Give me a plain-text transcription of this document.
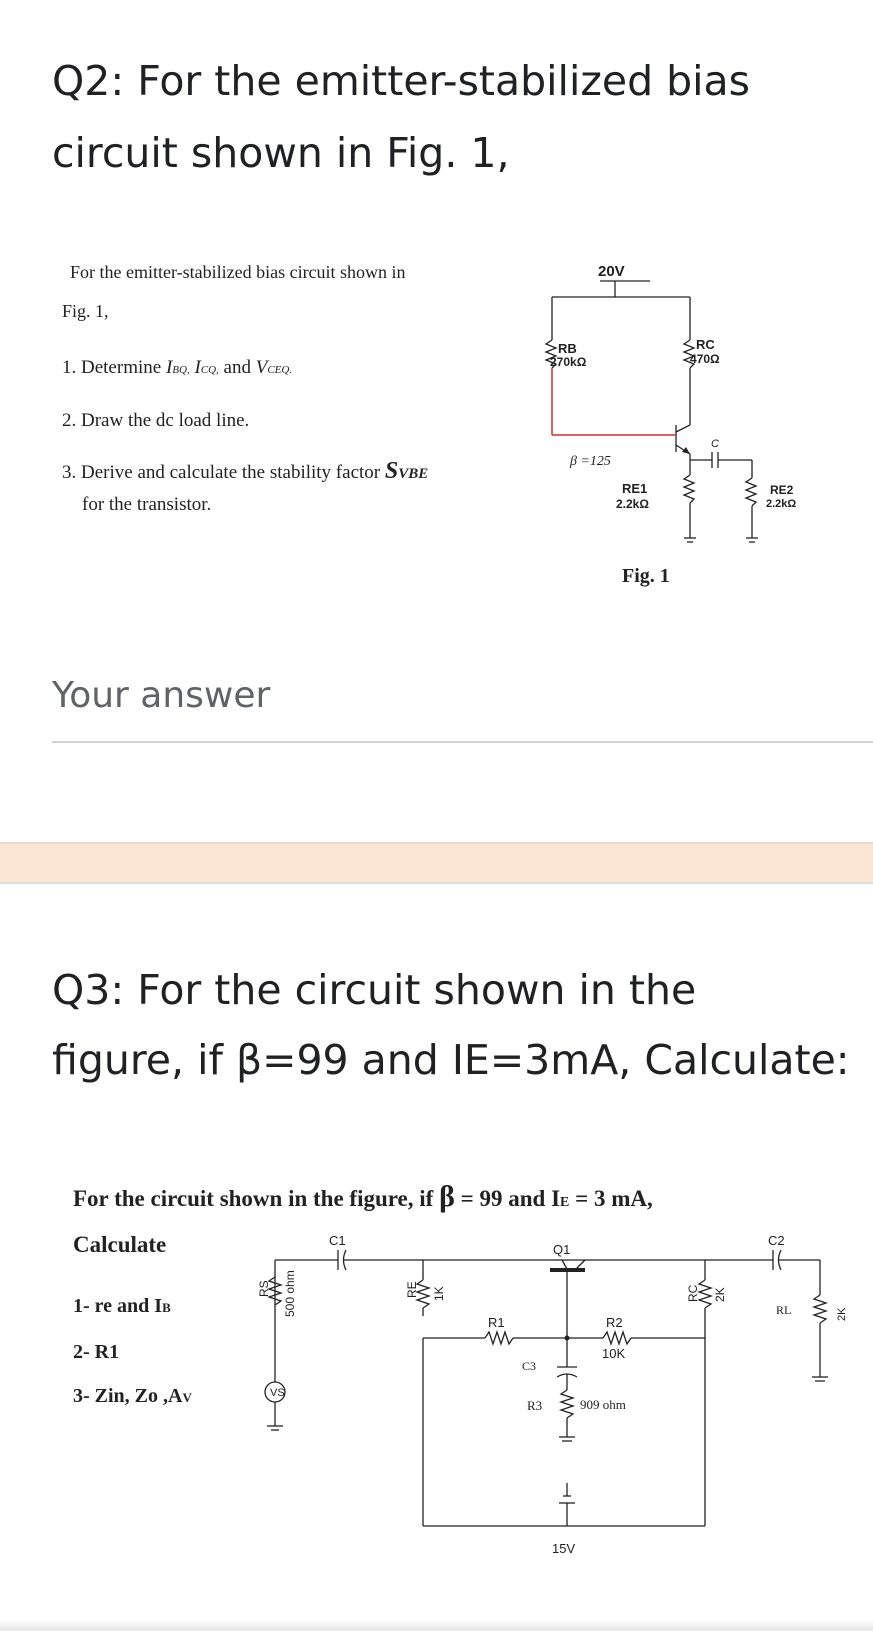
Q2: For the emitter-stabilized bias
circuit shown in Fig. 1,
For the emitter-stabilized bias circuit shown in
Fig. 1,
1. Determine IBQ, ICQ, and VCEQ.
2. Draw the dc load line.
3. Derive and calculate the stability factor SVBE
for the transistor.
20V
RB
270kΩ
RC
470Ω
β =125
C
RE1
2.2kΩ
RE2
2.2kΩ
Fig. 1
Your answer
Q3: For the circuit shown in the
figure, if β=99 and IE=3mA, Calculate:
For the circuit shown in the figure, if β = 99 and IE = 3 mA,
Calculate
1- re and IB
2- R1
3- Zin, Zo ,AV	VS
C1	C2
Q1
RS 500 ohm	RE 1K	RC 2K
RL	2K
R1	R2
10K
C3
R3	909 ohm
15V
